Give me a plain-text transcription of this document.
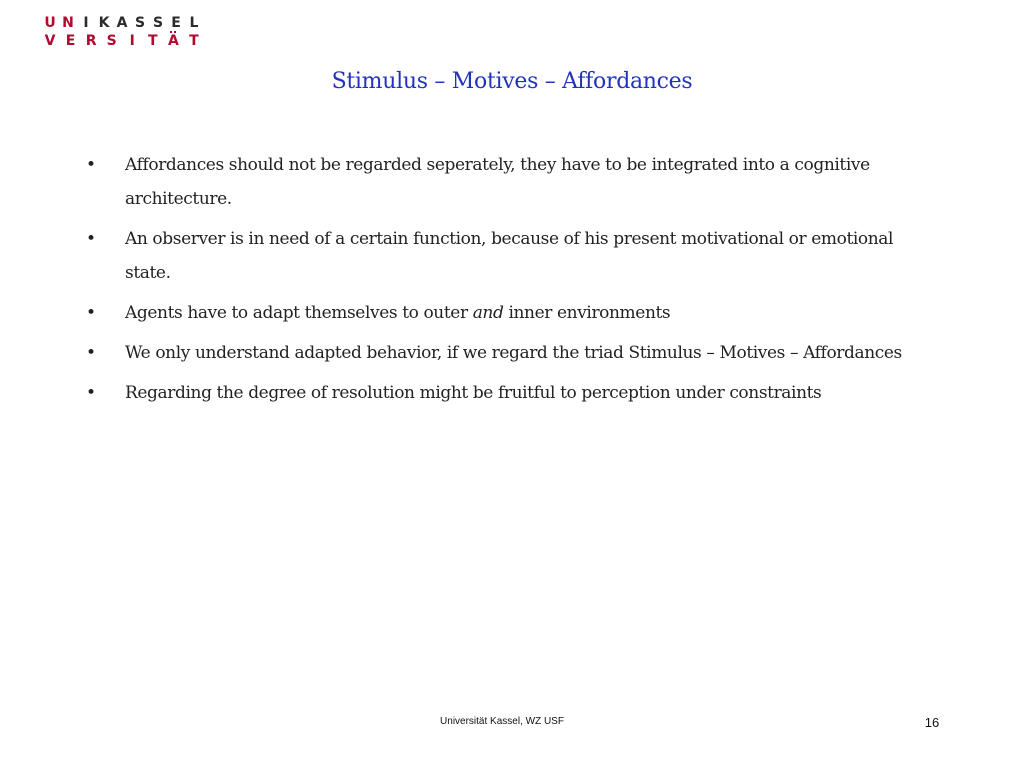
U N I K A S S E L
V E R S I T A T
Stimulus – Motives – Affordances
• Affordances should not be regarded seperately, they have to be integrated into a cognitive architecture.
• An observer is in need of a certain function, because of his present motivational or emotional state.
• Agents have to adapt themselves to outer and inner environments
• We only understand adapted behavior, if we regard the triad Stimulus – Motives – Affordances
• Regarding the degree of resolution might be fruitful to perception under constraints
Universität Kassel, WZ USF	16
